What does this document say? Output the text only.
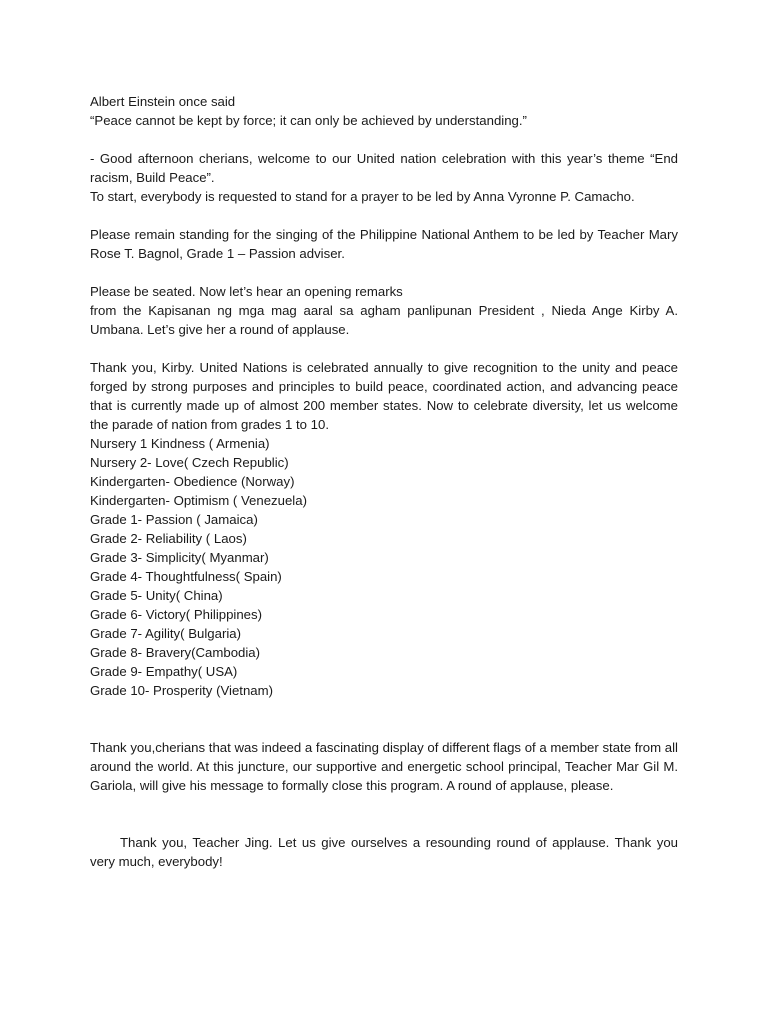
Albert Einstein once said
“Peace cannot be kept by force; it can only be achieved by understanding.”

- Good afternoon cherians, welcome to our United nation celebration with this year’s theme “End racism, Build Peace”.

To start, everybody is requested to stand for a prayer to be led by Anna Vyronne P. Camacho.

Please remain standing for the singing of the Philippine National Anthem to be led by Teacher Mary Rose T. Bagnol, Grade 1 – Passion adviser.

Please be seated. Now let’s hear an opening remarks

from the Kapisanan ng mga mag aaral sa agham panlipunan President , Nieda Ange Kirby A. Umbana. Let’s give her a round of applause.

Thank you, Kirby. United Nations is celebrated annually to give recognition to the unity and peace forged by strong purposes and principles to build peace, coordinated action, and advancing peace that is currently made up of almost 200 member states. Now to celebrate diversity, let us welcome the parade of nation from grades 1 to 10.

Nursery 1 Kindness ( Armenia)
Nursery 2- Love( Czech Republic)
Kindergarten- Obedience (Norway)
Kindergarten- Optimism ( Venezuela)
Grade 1- Passion ( Jamaica)
Grade 2- Reliability ( Laos)
Grade 3- Simplicity( Myanmar)
Grade 4- Thoughtfulness( Spain)
Grade 5- Unity( China)
Grade 6- Victory( Philippines)
Grade 7- Agility( Bulgaria)
Grade 8- Bravery(Cambodia)
Grade 9- Empathy( USA)
Grade 10- Prosperity (Vietnam)

Thank you,cherians that was indeed a fascinating display of different flags of a member state from all around the world. At this juncture, our supportive and energetic school principal, Teacher Mar Gil M. Gariola, will give his message to formally close this program. A round of applause, please.

Thank you, Teacher Jing. Let us give ourselves a resounding round of applause. Thank you very much, everybody!
